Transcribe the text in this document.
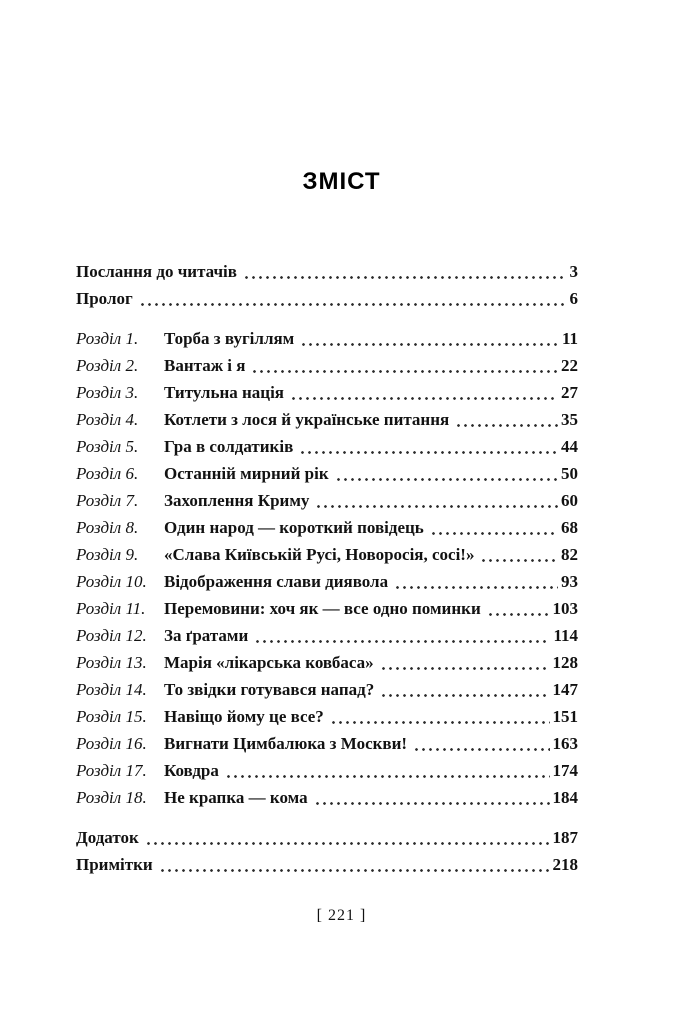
ЗМІСТ
Послання до читачів	3
Пролог	6
Розділ 1.	Торба з вугіллям	11
Розділ 2.	Вантаж і я	22
Розділ 3.	Титульна нація	27
Розділ 4.	Котлети з лося й українське питання	35
Розділ 5.	Гра в солдатиків	44
Розділ 6.	Останній мирний рік	50
Розділ 7.	Захоплення Криму	60
Розділ 8.	Один народ — короткий повідець	68
Розділ 9.	«Слава Київській Русі, Новоросія, сосі!»	82
Розділ 10.	Відображення слави диявола	93
Розділ 11.	Перемовини: хоч як — все одно поминки	103
Розділ 12.	За ґратами	114
Розділ 13.	Марія «лікарська ковбаса»	128
Розділ 14.	То звідки готувався напад?	147
Розділ 15.	Навіщо йому це все?	151
Розділ 16.	Вигнати Цимбалюка з Москви!	163
Розділ 17.	Ковдра	174
Розділ 18.	Не крапка — кома	184
Додаток	187
Примітки	218
[ 221 ]
